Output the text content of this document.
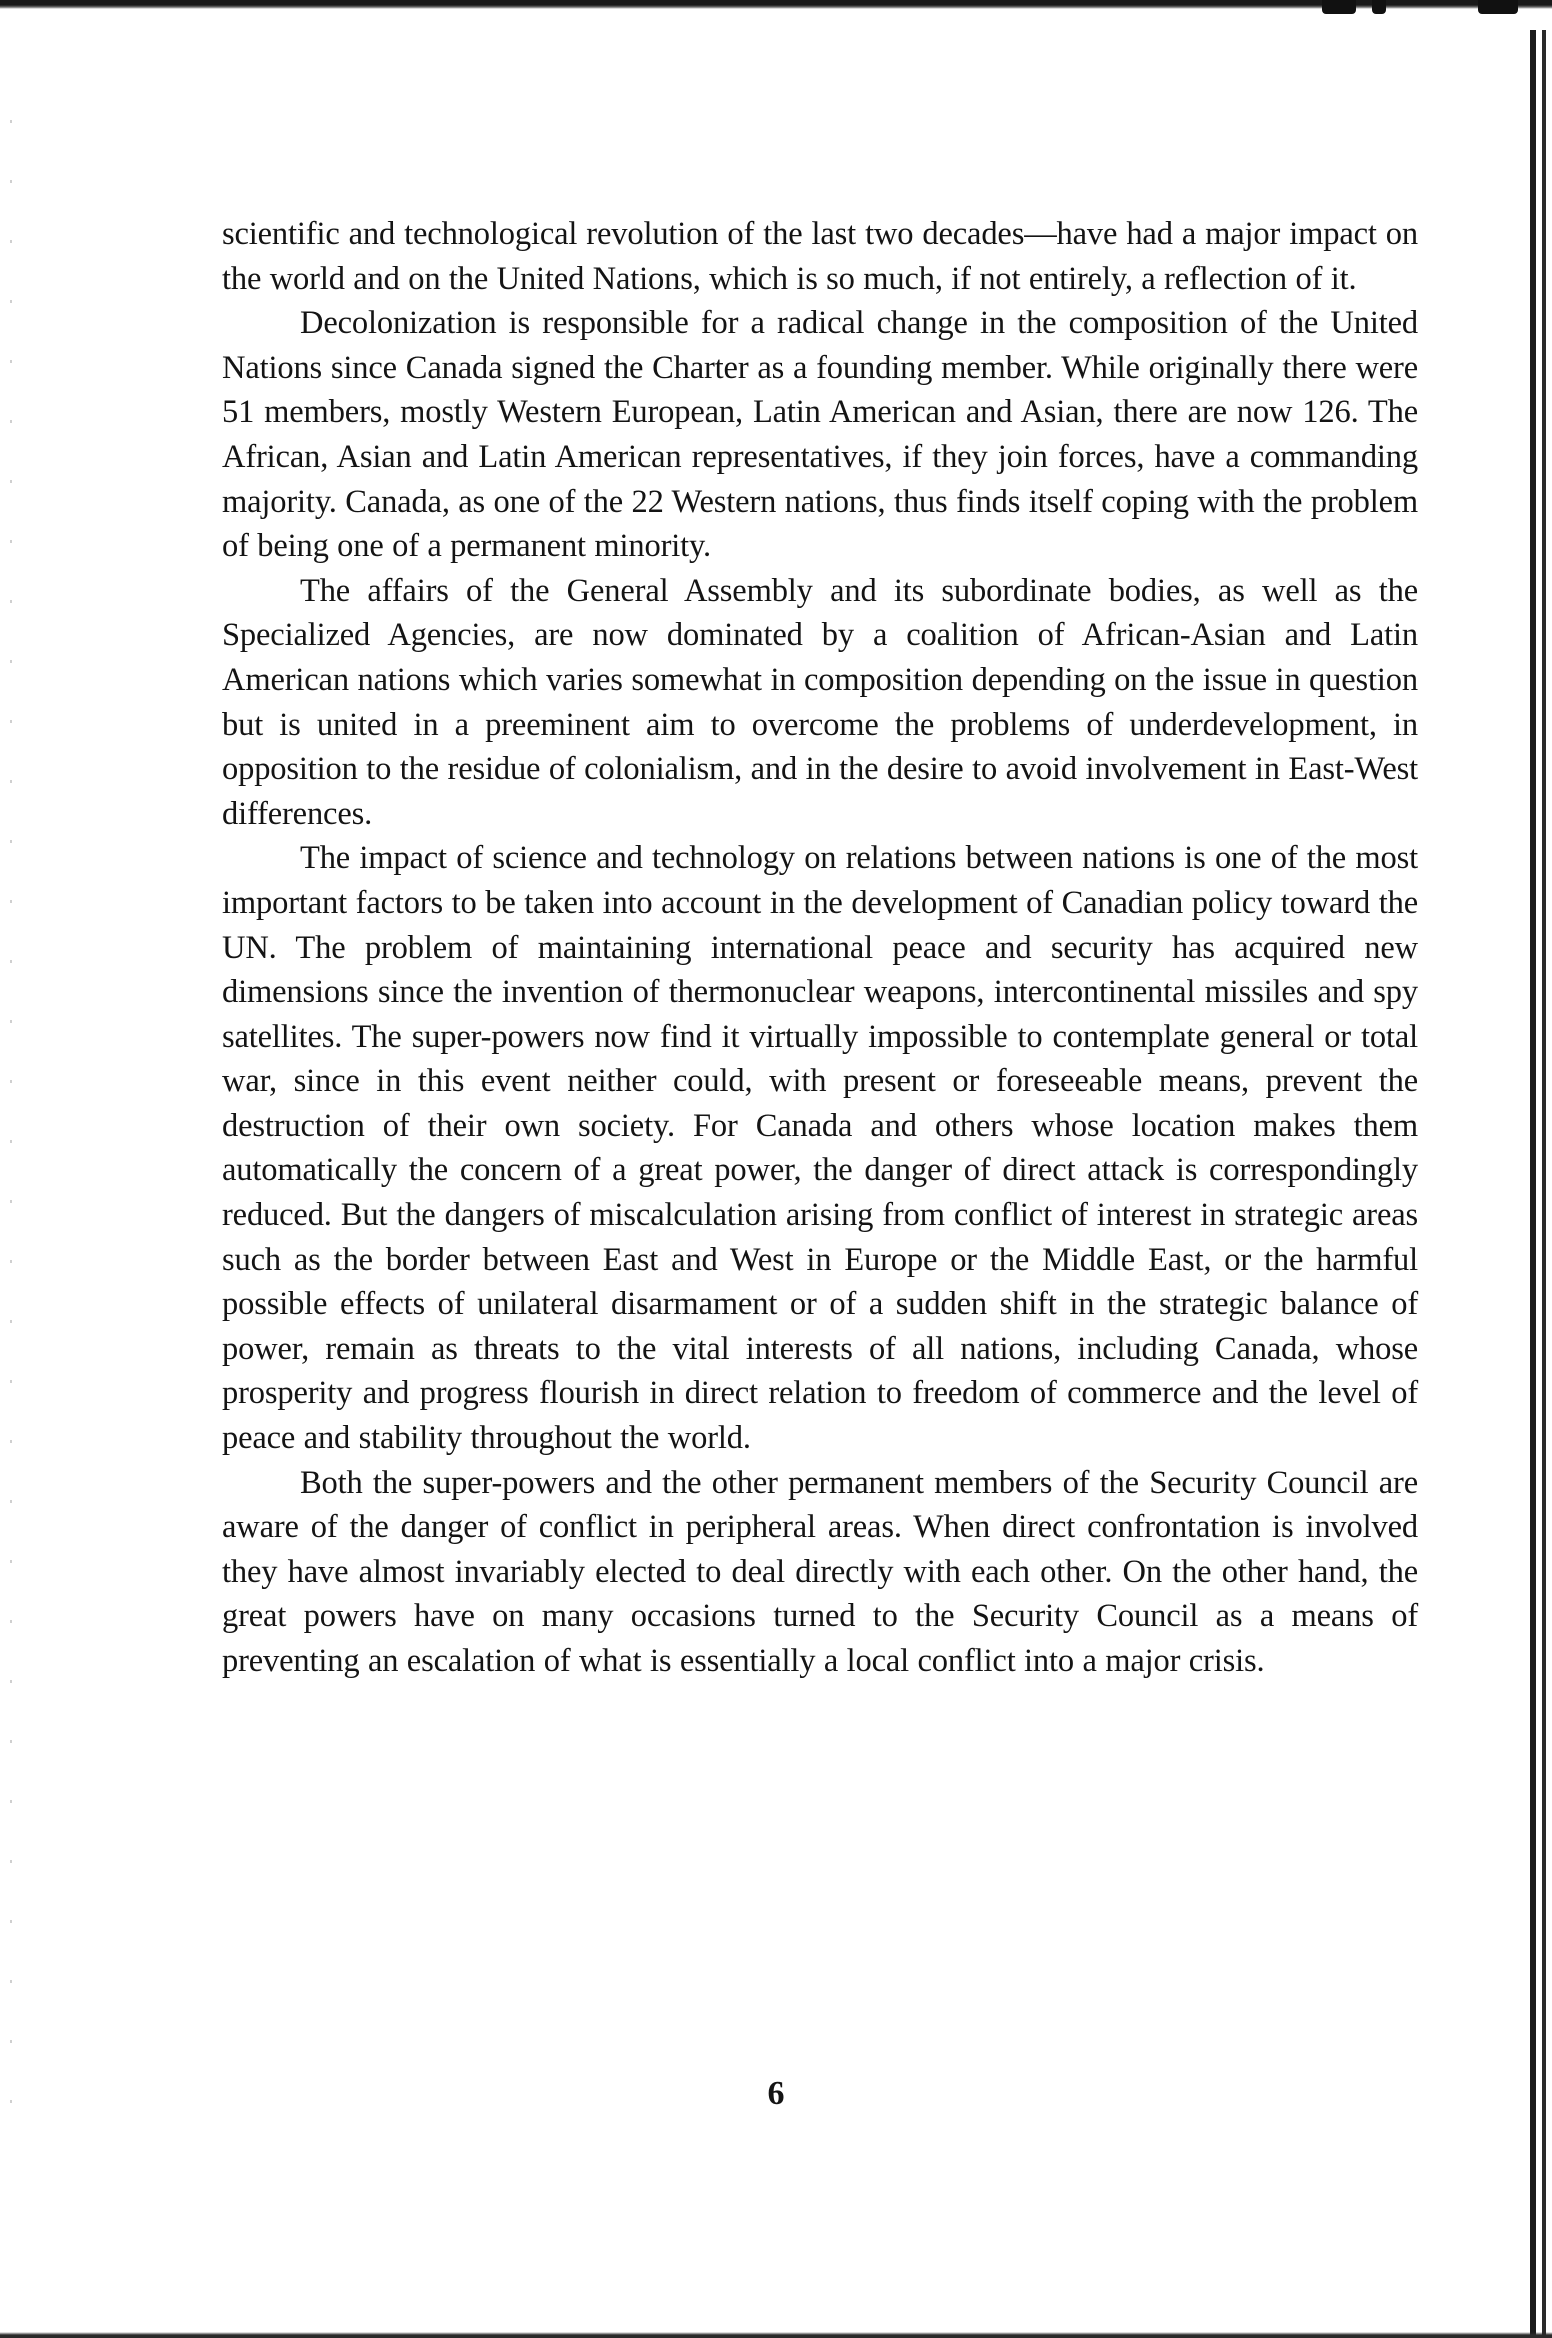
scientific and technological revolution of the last two decades—have had a major impact on the world and on the United Nations, which is so much, if not entirely, a reflection of it.

Decolonization is responsible for a radical change in the composition of the United Nations since Canada signed the Charter as a founding member. While originally there were 51 members, mostly Western European, Latin American and Asian, there are now 126. The African, Asian and Latin American representatives, if they join forces, have a commanding majority. Canada, as one of the 22 Western nations, thus finds itself coping with the problem of being one of a permanent minority.

The affairs of the General Assembly and its subordinate bodies, as well as the Specialized Agencies, are now dominated by a coalition of African-Asian and Latin American nations which varies somewhat in composition depending on the issue in question but is united in a preeminent aim to overcome the problems of underdevelopment, in opposition to the residue of colonialism, and in the desire to avoid involvement in East-West differences.

The impact of science and technology on relations between nations is one of the most important factors to be taken into account in the development of Canadian policy toward the UN. The problem of maintaining international peace and security has acquired new dimensions since the invention of thermonuclear weapons, intercontinental missiles and spy satellites. The super-powers now find it virtually impossible to contemplate general or total war, since in this event neither could, with present or foreseeable means, prevent the destruction of their own society. For Canada and others whose location makes them automatically the concern of a great power, the danger of direct attack is correspondingly reduced. But the dangers of miscalculation arising from conflict of interest in strategic areas such as the border between East and West in Europe or the Middle East, or the harmful possible effects of unilateral disarmament or of a sudden shift in the strategic balance of power, remain as threats to the vital interests of all nations, including Canada, whose prosperity and progress flourish in direct relation to freedom of commerce and the level of peace and stability throughout the world.

Both the super-powers and the other permanent members of the Security Council are aware of the danger of conflict in peripheral areas. When direct confrontation is involved they have almost invariably elected to deal directly with each other. On the other hand, the great powers have on many occasions turned to the Security Council as a means of preventing an escalation of what is essentially a local conflict into a major crisis.

6
